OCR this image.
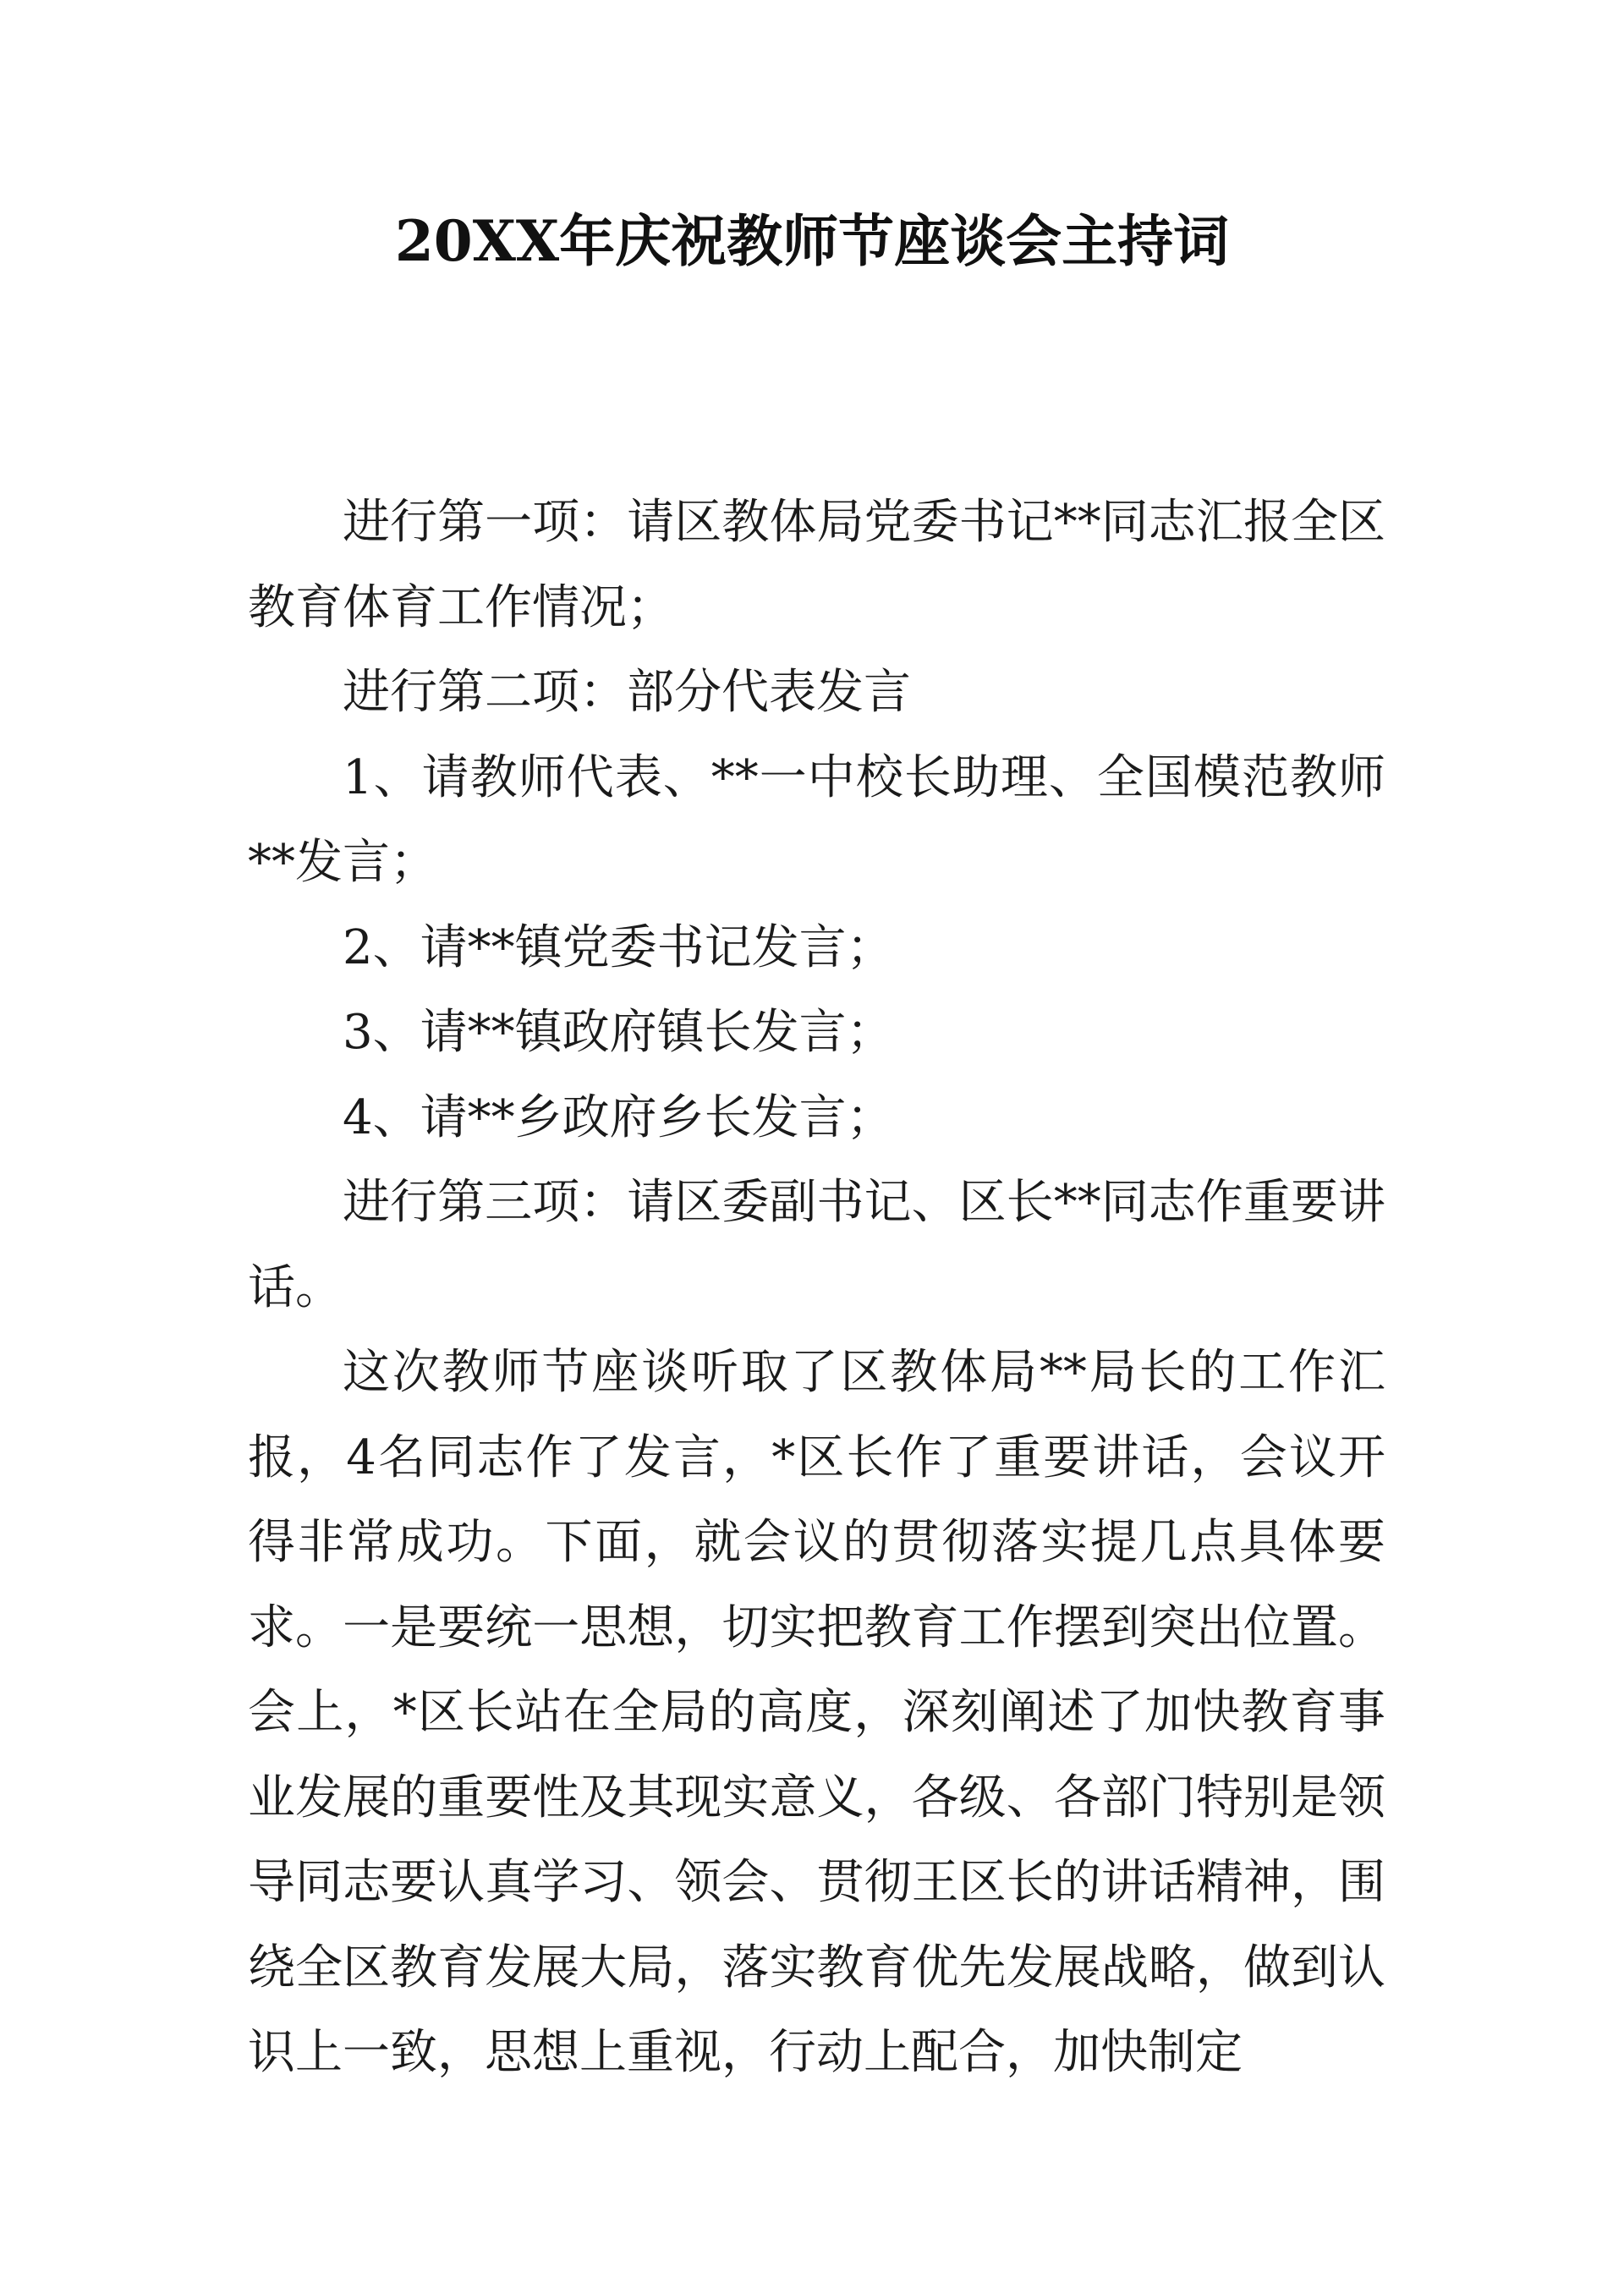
20XX年庆祝教师节座谈会主持词

进行第一项：请区教体局党委书记**同志汇报全区教育体育工作情况；

进行第二项：部分代表发言

1、请教师代表、**一中校长助理、全国模范教师**发言；

2、请**镇党委书记发言；

3、请**镇政府镇长发言；

4、请**乡政府乡长发言；

进行第三项：请区委副书记、区长**同志作重要讲话。

这次教师节座谈听取了区教体局**局长的工作汇报，4名同志作了发言，*区长作了重要讲话，会议开得非常成功。下面，就会议的贯彻落实提几点具体要求。一是要统一思想，切实把教育工作摆到突出位置。会上，*区长站在全局的高度，深刻阐述了加快教育事业发展的重要性及其现实意义，各级、各部门特别是领导同志要认真学习、领会、贯彻王区长的讲话精神，围绕全区教育发展大局，落实教育优先发展战略，做到认识上一致，思想上重视，行动上配合，加快制定
